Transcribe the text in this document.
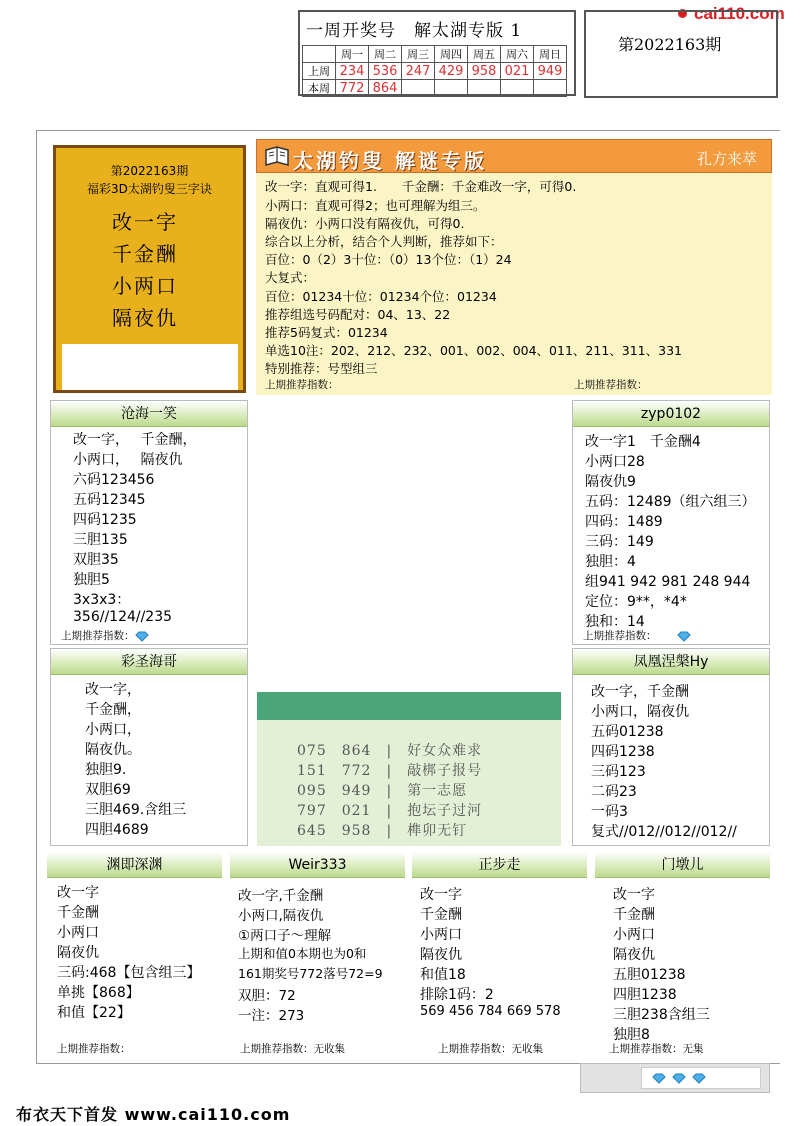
cai110.com
一周开奖号　解太湖专版 1
	周一	周二	周三	周四	周五	周六	周日
上周	234	536	247	429	958	021	949
本周	772	864					
第2022163期
第2022163期
福彩3D太湖钓叟三字诀
改一字
千金酬
小两口
隔夜仇
太湖钓叟 解谜专版	孔方来萃
改一字：直观可得1.　　千金酬：千金难改一字，可得0.
小两口：直观可得2；也可理解为组三。
隔夜仇：小两口没有隔夜仇，可得0.
综合以上分析，结合个人判断，推荐如下：
百位：0（2）3十位：（0）13个位：（1）24
大复式：
百位：01234十位：01234个位：01234
推荐组选号码配对：04、13、22
推荐5码复式：01234
单选10注：202、212、232、001、002、004、011、211、311、331
特别推荐：号型组三
上期推荐指数：	上期推荐指数：
沧海一笑
改一字，　 千金酬，
小两口，　 隔夜仇
六码123456
五码12345
四码1235
三胆135
双胆35
独胆5
3x3x3：
356//124//235
上期推荐指数：
彩圣海哥
改一字，
千金酬，
小两口，
隔夜仇。
独胆9.
双胆69
三胆469.含组三
四胆4689
zyp0102
改一字1　千金酬4
小两口28
隔夜仇9
五码：12489（组六组三）
四码：1489
三码：149
独胆：4
组941 942 981 248 944
定位：9**，*4*
独和：14
上期推荐指数：
凤凰涅槃Hy
改一字，千金酬
小两口，隔夜仇
五码01238
四码1238
三码123
二码23
一码3
复式//012//012//012//
075　 864　|　好女众难求
151　 772　|　敲梆子报号
095　 949　|　第一志愿
797　 021　|　抱坛子过河
645　 958　|　榫卯无钉
渊即深渊
改一字
千金酬
小两口
隔夜仇
三码:468【包含组三】
单挑【868】
和值【22】
上期推荐指数：
Weir333
改一字,千金酬
小两口,隔夜仇
①两口子～理解
上期和值0本期也为0和
161期奖号772落号72=9
双胆：72
一注：273
上期推荐指数：无收集
正步走
改一字
千金酬
小两口
隔夜仇
和值18
排除1码：2
569 456 784 669 578
上期推荐指数：无收集
门墩儿
改一字
千金酬
小两口
隔夜仇
五胆01238
四胆1238
三胆238含组三
独胆8
上期推荐指数：无集
布衣天下首发 www.cai110.com
